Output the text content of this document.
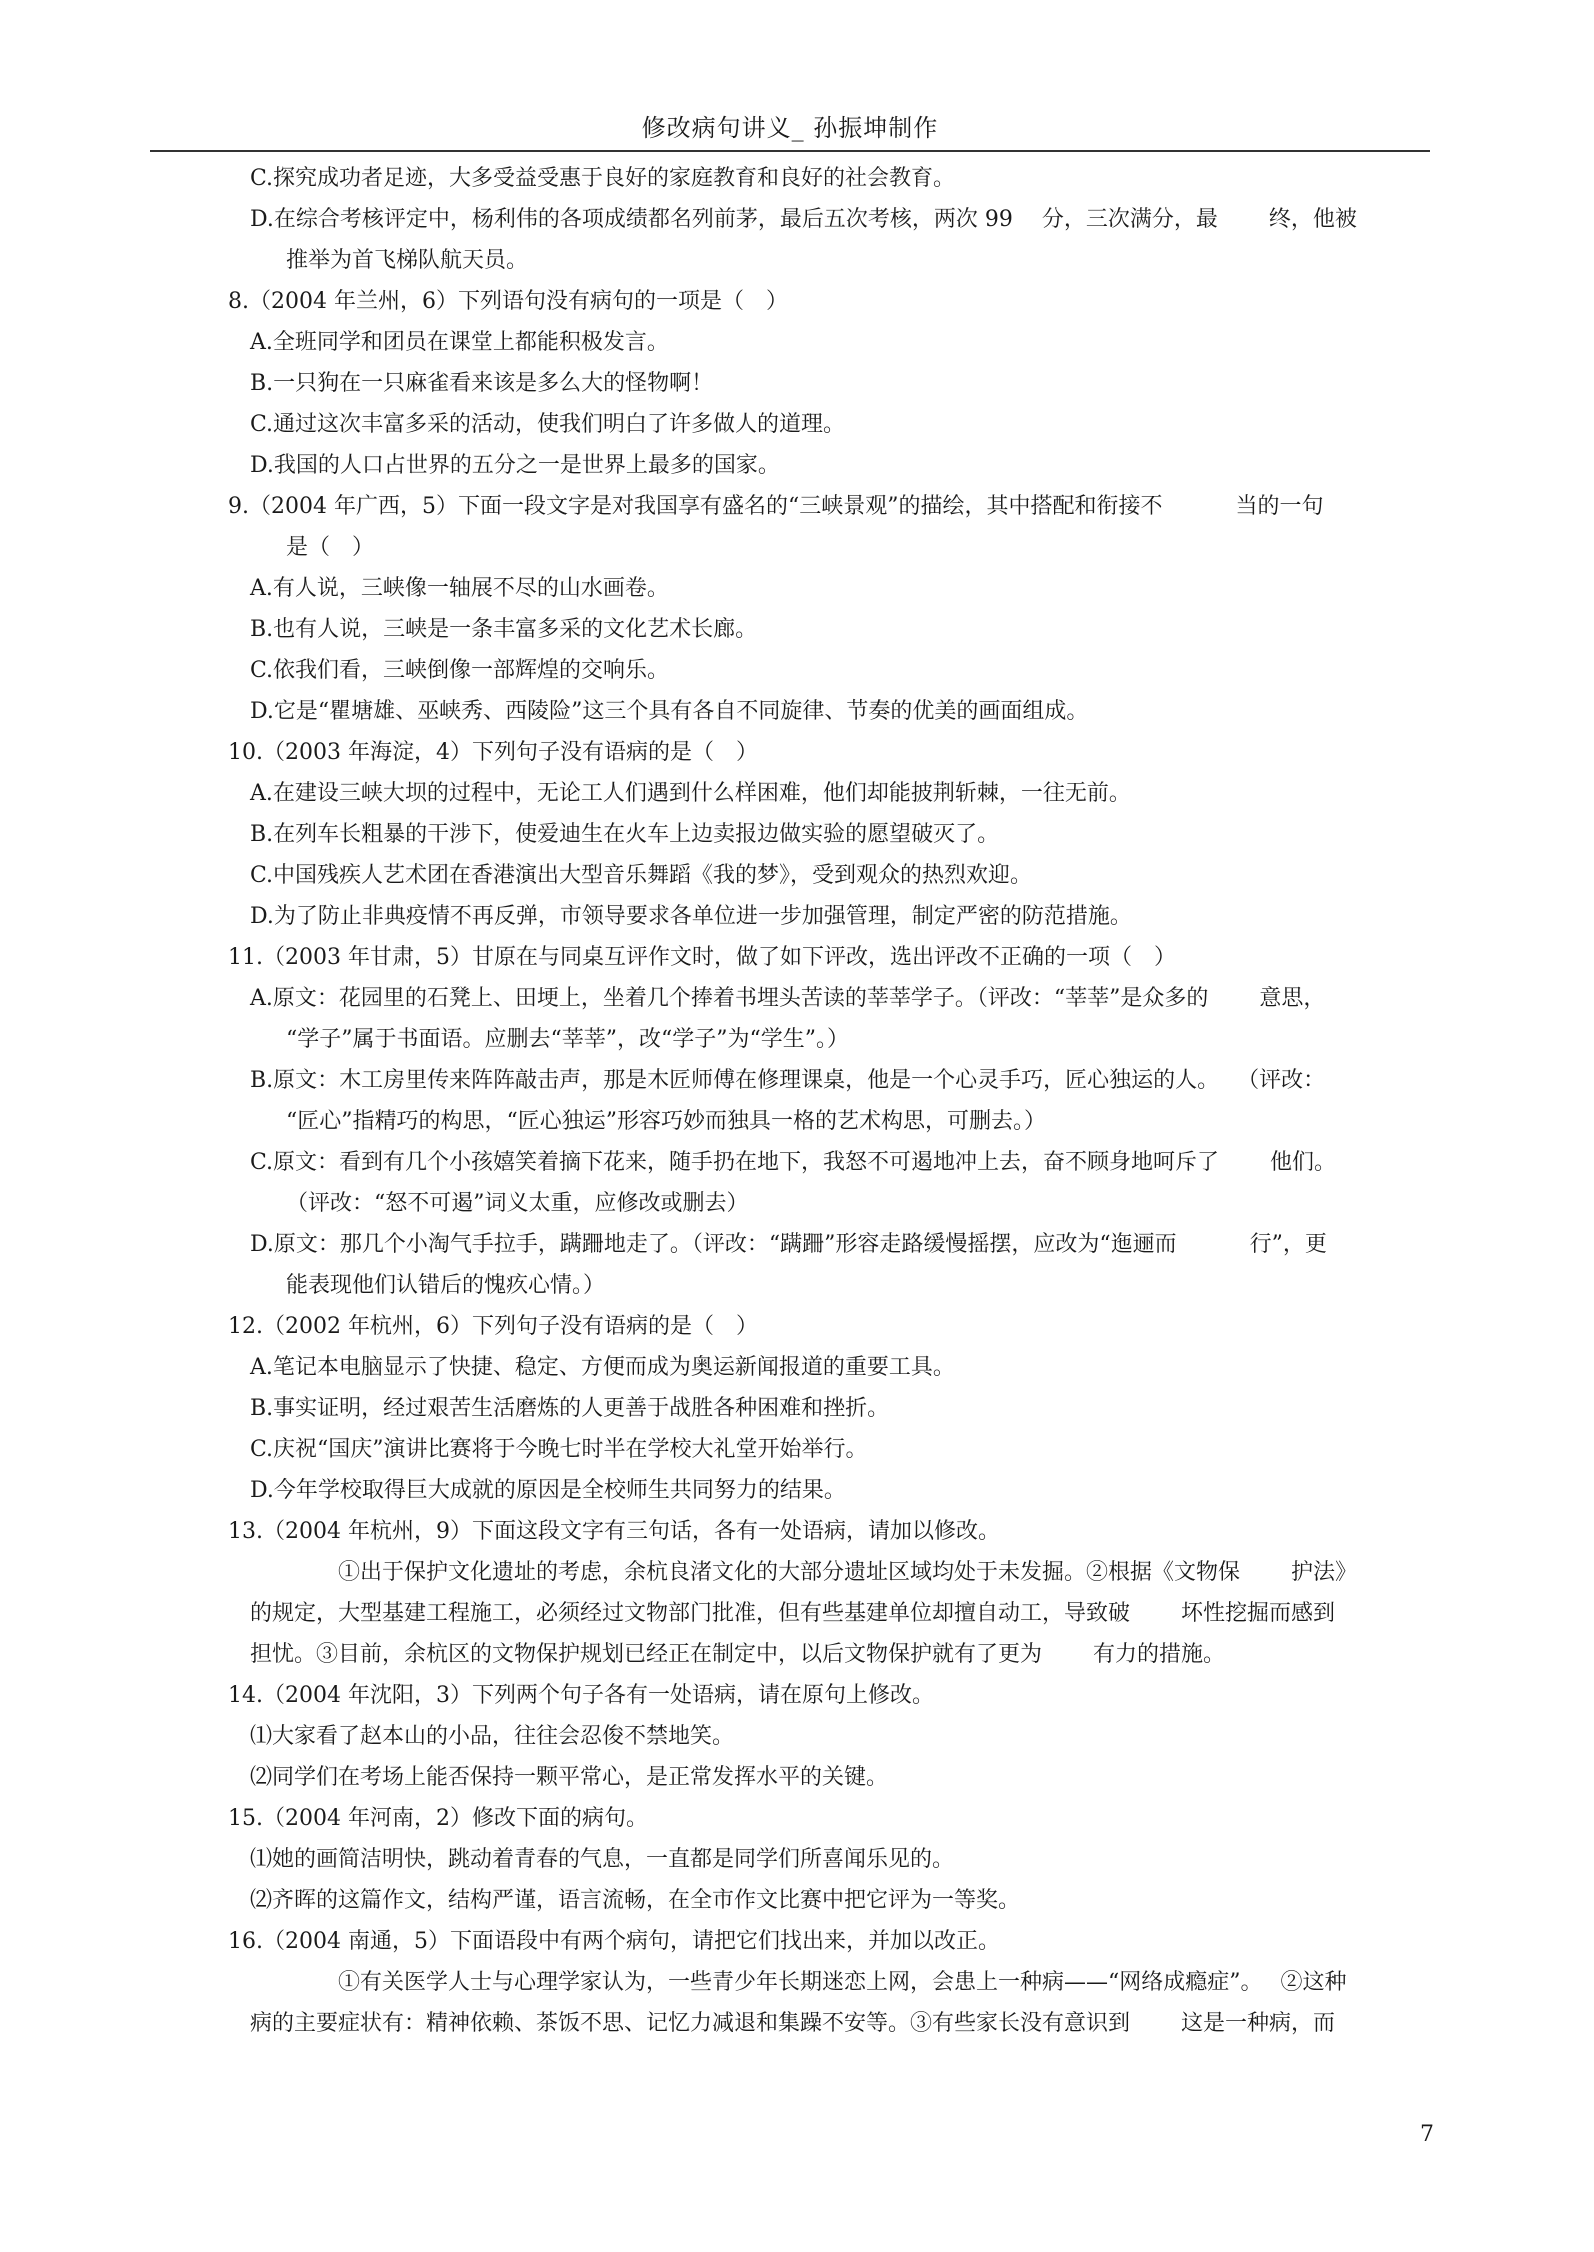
修改病句讲义_ 孙振坤制作
C.探究成功者足迹，大多受益受惠于良好的家庭教育和良好的社会教育。
D.在综合考核评定中，杨利伟的各项成绩都名列前茅，最后五次考核，两次 99　 分，三次满分，最　　 终，他被
推举为首飞梯队航天员。
8.（2004 年兰州，6）下列语句没有病句的一项是（　）
A.全班同学和团员在课堂上都能积极发言。
B.一只狗在一只麻雀看来该是多么大的怪物啊！
C.通过这次丰富多采的活动，使我们明白了许多做人的道理。
D.我国的人口占世界的五分之一是世界上最多的国家。
9.（2004 年广西，5）下面一段文字是对我国享有盛名的“三峡景观”的描绘，其中搭配和衔接不　　　 当的一句
是（　）
A.有人说，三峡像一轴展不尽的山水画卷。
B.也有人说，三峡是一条丰富多采的文化艺术长廊。
C.依我们看，三峡倒像一部辉煌的交响乐。
D.它是“瞿塘雄、巫峡秀、西陵险”这三个具有各自不同旋律、节奏的优美的画面组成。
10.（2003 年海淀，4）下列句子没有语病的是（　）
A.在建设三峡大坝的过程中，无论工人们遇到什么样困难，他们却能披荆斩棘，一往无前。
B.在列车长粗暴的干涉下，使爱迪生在火车上边卖报边做实验的愿望破灭了。
C.中国残疾人艺术团在香港演出大型音乐舞蹈《我的梦》，受到观众的热烈欢迎。
D.为了防止非典疫情不再反弹，市领导要求各单位进一步加强管理，制定严密的防范措施。
11.（2003 年甘肃，5）甘原在与同桌互评作文时，做了如下评改，选出评改不正确的一项（　）
A.原文：花园里的石凳上、田埂上，坐着几个捧着书埋头苦读的莘莘学子。（评改：“莘莘”是众多的　　 意思，
“学子”属于书面语。应删去“莘莘”，改“学子”为“学生”。）
B.原文：木工房里传来阵阵敲击声，那是木匠师傅在修理课桌，他是一个心灵手巧，匠心独运的人。　 （评改：
“匠心”指精巧的构思，“匠心独运”形容巧妙而独具一格的艺术构思，可删去。）
C.原文：看到有几个小孩嬉笑着摘下花来，随手扔在地下，我怒不可遏地冲上去，奋不顾身地呵斥了　　 他们。
（评改：“怒不可遏”词义太重，应修改或删去）
D.原文：那几个小淘气手拉手，蹒跚地走了。（评改：“蹒跚”形容走路缓慢摇摆，应改为“迤逦而　　　 行”，更
能表现他们认错后的愧疚心情。）
12.（2002 年杭州，6）下列句子没有语病的是（　）
A.笔记本电脑显示了快捷、稳定、方便而成为奥运新闻报道的重要工具。
B.事实证明，经过艰苦生活磨炼的人更善于战胜各种困难和挫折。
C.庆祝“国庆”演讲比赛将于今晚七时半在学校大礼堂开始举行。
D.今年学校取得巨大成就的原因是全校师生共同努力的结果。
13.（2004 年杭州，9）下面这段文字有三句话，各有一处语病，请加以修改。
　　①出于保护文化遗址的考虑，余杭良渚文化的大部分遗址区域均处于未发掘。②根据《文物保　　 护法》
的规定，大型基建工程施工，必须经过文物部门批准，但有些基建单位却擅自动工，导致破　　 坏性挖掘而感到
担忧。③目前，余杭区的文物保护规划已经正在制定中，以后文物保护就有了更为　　 有力的措施。
14.（2004 年沈阳，3）下列两个句子各有一处语病，请在原句上修改。
⑴大家看了赵本山的小品，往往会忍俊不禁地笑。
⑵同学们在考场上能否保持一颗平常心，是正常发挥水平的关键。
15.（2004 年河南，2）修改下面的病句。
⑴她的画简洁明快，跳动着青春的气息，一直都是同学们所喜闻乐见的。
⑵齐晖的这篇作文，结构严谨，语言流畅，在全市作文比赛中把它评为一等奖。
16.（2004 南通，5）下面语段中有两个病句，请把它们找出来，并加以改正。
　　①有关医学人士与心理学家认为，一些青少年长期迷恋上网，会患上一种病——“网络成瘾症”。　 ②这种
病的主要症状有：精神依赖、茶饭不思、记忆力减退和集躁不安等。③有些家长没有意识到　　 这是一种病，而
7
